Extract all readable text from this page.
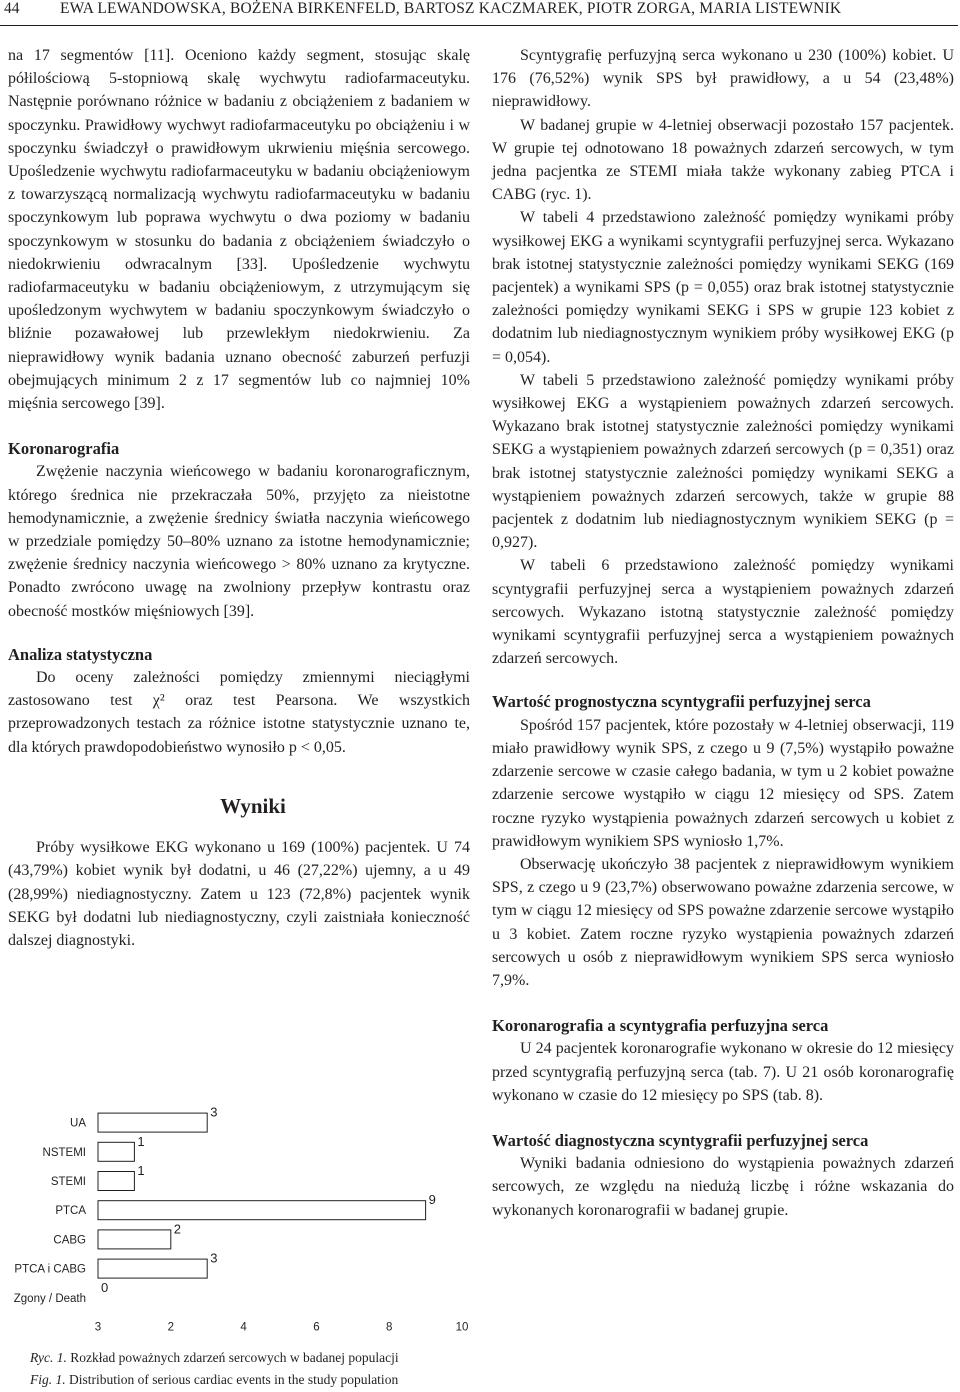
44	EWA LEWANDOWSKA, BOŻENA BIRKENFELD, BARTOSZ KACZMAREK, PIOTR ZORGA, MARIA LISTEWNIK

na 17 segmentów [11]. Oceniono każdy segment, stosując skalę półilościową 5-stopniową skalę wychwytu radiofarmaceutyku. Następnie porównano różnice w badaniu z obciążeniem z badaniem w spoczynku. Prawidłowy wychwyt radiofarmaceutyku po obciążeniu i w spoczynku świadczył o prawidłowym ukrwieniu mięśnia sercowego. Upośledzenie wychwytu radiofarmaceutyku w badaniu obciążeniowym z towarzyszącą normalizacją wychwytu radiofarmaceutyku w badaniu spoczynkowym lub poprawa wychwytu o dwa poziomy w badaniu spoczynkowym w stosunku do badania z obciążeniem świadczyło o niedokrwieniu odwracalnym [33]. Upośledzenie wychwytu radiofarmaceutyku w badaniu obciążeniowym, z utrzymującym się upośledzonym wychwytem w badaniu spoczynkowym świadczyło o bliźnie pozawałowej lub przewlekłym niedokrwieniu. Za nieprawidłowy wynik badania uznano obecność zaburzeń perfuzji obejmujących minimum 2 z 17 segmentów lub co najmniej 10% mięśnia sercowego [39].

Koronarografia

Zwężenie naczynia wieńcowego w badaniu koronarograficznym, którego średnica nie przekraczała 50%, przyjęto za nieistotne hemodynamicznie, a zwężenie średnicy światła naczynia wieńcowego w przedziale pomiędzy 50–80% uznano za istotne hemodynamicznie; zwężenie średnicy naczynia wieńcowego > 80% uznano za krytyczne. Ponadto zwrócono uwagę na zwolniony przepływ kontrastu oraz obecność mostków mięśniowych [39].

Analiza statystyczna

Do oceny zależności pomiędzy zmiennymi nieciągłymi zastosowano test χ² oraz test Pearsona. We wszystkich przeprowadzonych testach za różnice istotne statystycznie uznano te, dla których prawdopodobieństwo wynosiło p < 0,05.

Wyniki

Próby wysiłkowe EKG wykonano u 169 (100%) pacjentek. U 74 (43,79%) kobiet wynik był dodatni, u 46 (27,22%) ujemny, a u 49 (28,99%) niediagnostyczny. Zatem u 123 (72,8%) pacjentek wynik SEKG był dodatni lub niediagnostyczny, czyli zaistniała konieczność dalszej diagnostyki.

Scyntygrafię perfuzyjną serca wykonano u 230 (100%) kobiet. U 176 (76,52%) wynik SPS był prawidłowy, a u 54 (23,48%) nieprawidłowy.

W badanej grupie w 4-letniej obserwacji pozostało 157 pacjentek. W grupie tej odnotowano 18 poważnych zdarzeń sercowych, w tym jedna pacjentka ze STEMI miała także wykonany zabieg PTCA i CABG (ryc. 1).

W tabeli 4 przedstawiono zależność pomiędzy wynikami próby wysiłkowej EKG a wynikami scyntygrafii perfuzyjnej serca. Wykazano brak istotnej statystycznie zależności pomiędzy wynikami SEKG (169 pacjentek) a wynikami SPS (p = 0,055) oraz brak istotnej statystycznie zależności pomiędzy wynikami SEKG i SPS w grupie 123 kobiet z dodatnim lub niediagnostycznym wynikiem próby wysiłkowej EKG (p = 0,054).

W tabeli 5 przedstawiono zależność pomiędzy wynikami próby wysiłkowej EKG a wystąpieniem poważnych zdarzeń sercowych. Wykazano brak istotnej statystycznie zależności pomiędzy wynikami SEKG a wystąpieniem poważnych zdarzeń sercowych (p = 0,351) oraz brak istotnej statystycznie zależności pomiędzy wynikami SEKG a wystąpieniem poważnych zdarzeń sercowych, także w grupie 88 pacjentek z dodatnim lub niediagnostycznym wynikiem SEKG (p = 0,927).

W tabeli 6 przedstawiono zależność pomiędzy wynikami scyntygrafii perfuzyjnej serca a wystąpieniem poważnych zdarzeń sercowych. Wykazano istotną statystycznie zależność pomiędzy wynikami scyntygrafii perfuzyjnej serca a wystąpieniem poważnych zdarzeń sercowych.

Wartość prognostyczna scyntygrafii perfuzyjnej serca

Spośród 157 pacjentek, które pozostały w 4-letniej obserwacji, 119 miało prawidłowy wynik SPS, z czego u 9 (7,5%) wystąpiło poważne zdarzenie sercowe w czasie całego badania, w tym u 2 kobiet poważne zdarzenie sercowe wystąpiło w ciągu 12 miesięcy od SPS. Zatem roczne ryzyko wystąpienia poważnych zdarzeń sercowych u kobiet z prawidłowym wynikiem SPS wyniosło 1,7%.

Obserwację ukończyło 38 pacjentek z nieprawidłowym wynikiem SPS, z czego u 9 (23,7%) obserwowano poważne zdarzenia sercowe, w tym w ciągu 12 miesięcy od SPS poważne zdarzenie sercowe wystąpiło u 3 kobiet. Zatem roczne ryzyko wystąpienia poważnych zdarzeń sercowych u osób z nieprawidłowym wynikiem SPS serca wyniosło 7,9%.

Koronarografia a scyntygrafia perfuzyjna serca

U 24 pacjentek koronarografie wykonano w okresie do 12 miesięcy przed scyntygrafią perfuzyjną serca (tab. 7). U 21 osób koronarografię wykonano w czasie do 12 miesięcy po SPS (tab. 8).

Wartość diagnostyczna scyntygrafii perfuzyjnej serca

Wyniki badania odniesiono do wystąpienia poważnych zdarzeń sercowych, ze względu na niedużą liczbę i różne wskazania do wykonanych koronarografii w badanej grupie.

UA
3
NSTEMI
1
STEMI
1
PTCA
9
CABG
2
PTCA i CABG
3
Zgony / Death
0
3	2	4	6	8	10
Ryc. 1. Rozkład poważnych zdarzeń sercowych w badanej populacji
Fig. 1. Distribution of serious cardiac events in the study population
